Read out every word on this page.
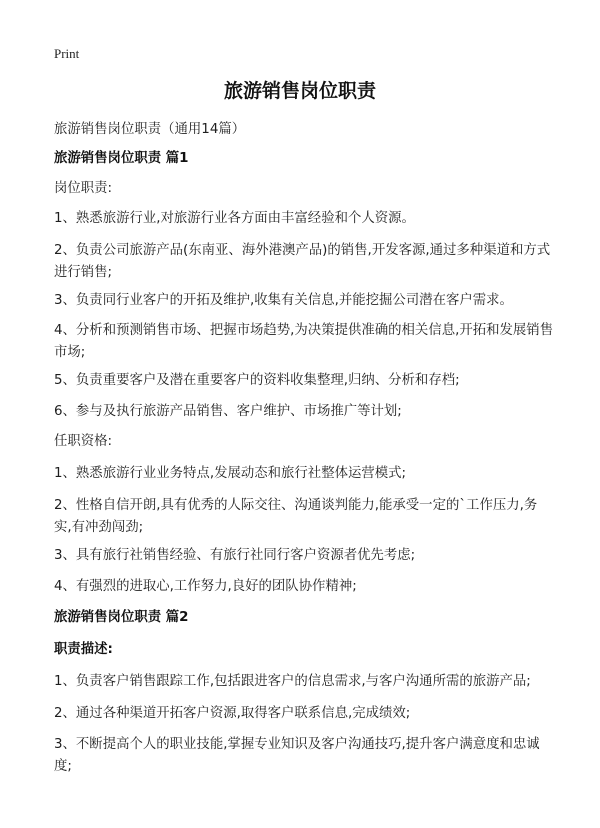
Print
旅游销售岗位职责

旅游销售岗位职责（通用14篇）

旅游销售岗位职责 篇1

岗位职责:

1、熟悉旅游行业,对旅游行业各方面由丰富经验和个人资源。

2、负责公司旅游产品(东南亚、海外港澳产品)的销售,开发客源,通过多种渠道和方式进行销售;

3、负责同行业客户的开拓及维护,收集有关信息,并能挖掘公司潜在客户需求。

4、分析和预测销售市场、把握市场趋势,为决策提供准确的相关信息,开拓和发展销售市场;

5、负责重要客户及潜在重要客户的资料收集整理,归纳、分析和存档;

6、参与及执行旅游产品销售、客户维护、市场推广等计划;

任职资格:

1、熟悉旅游行业业务特点,发展动态和旅行社整体运营模式;

2、性格自信开朗,具有优秀的人际交往、沟通谈判能力,能承受一定的`工作压力,务实,有冲劲闯劲;

3、具有旅行社销售经验、有旅行社同行客户资源者优先考虑;

4、有强烈的进取心,工作努力,良好的团队协作精神;

旅游销售岗位职责 篇2

职责描述:

1、负责客户销售跟踪工作,包括跟进客户的信息需求,与客户沟通所需的旅游产品;

2、通过各种渠道开拓客户资源,取得客户联系信息,完成绩效;

3、不断提高个人的职业技能,掌握专业知识及客户沟通技巧,提升客户满意度和忠诚度;
